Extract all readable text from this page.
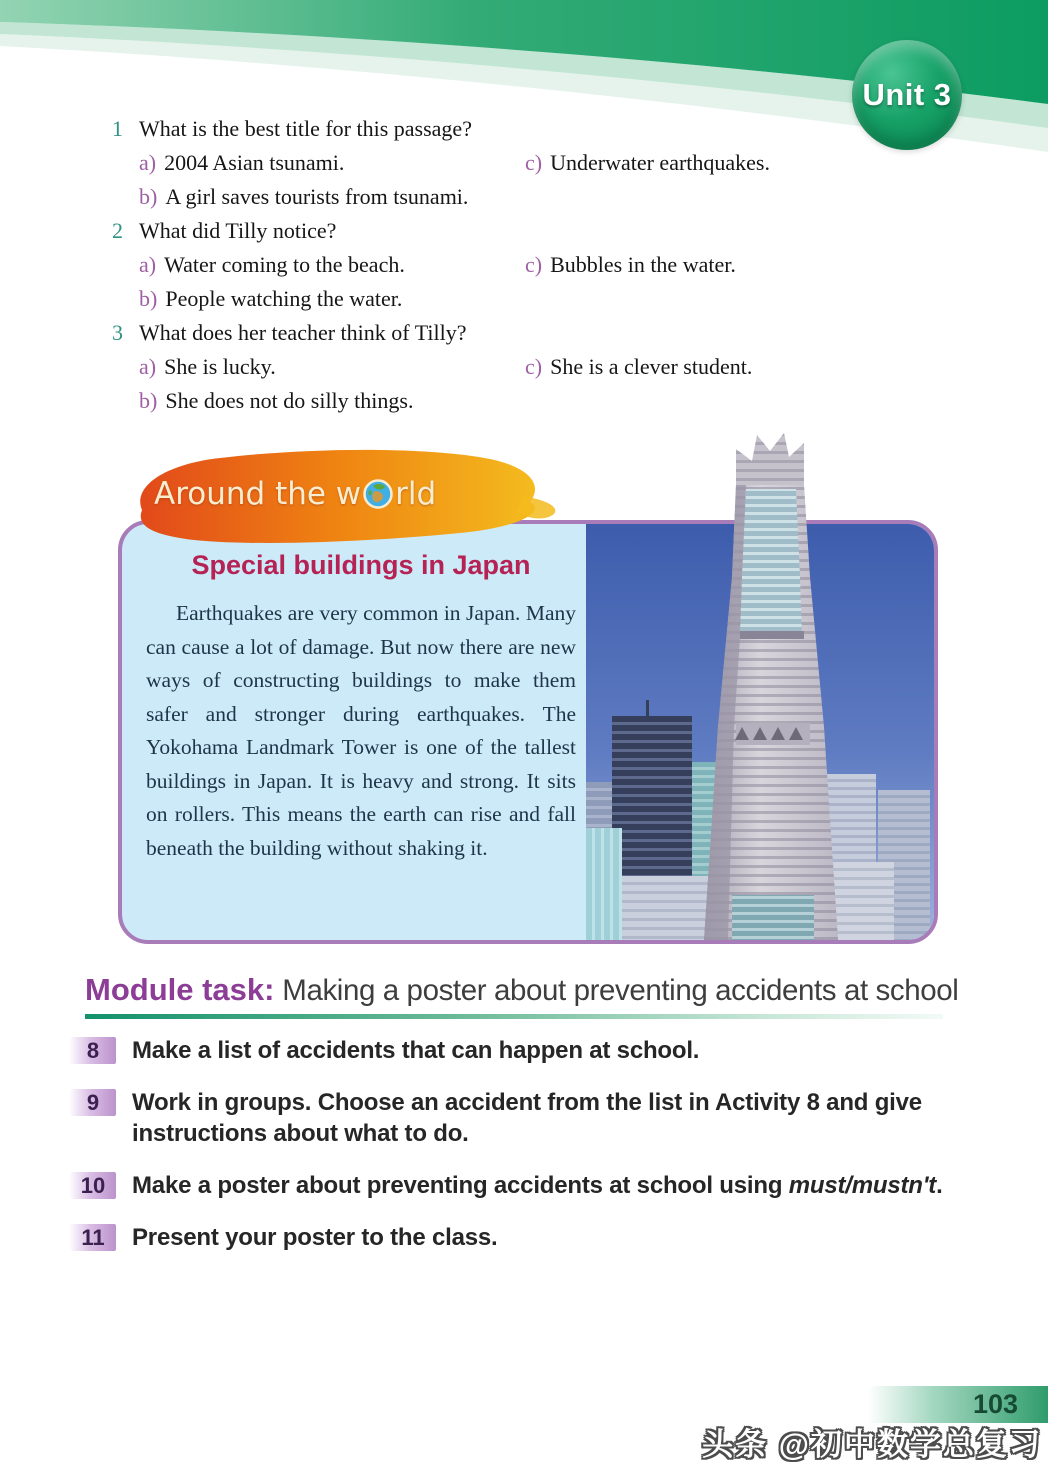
Unit 3
1 What is the best title for this passage?
a) 2004 Asian tsunami.	c) Underwater earthquakes.
b) A girl saves tourists from tsunami.
2 What did Tilly notice?
a) Water coming to the beach.	c) Bubbles in the water.
b) People watching the water.
3 What does her teacher think of Tilly?
a) She is lucky.	c) She is a clever student.
b) She does not do silly things.
Special buildings in Japan

Earthquakes are very common in Japan. Many can cause a lot of damage. But now there are new ways of constructing buildings to make them safer and stronger during earthquakes. The Yokohama Landmark Tower is one of the tallest buildings in Japan. It is heavy and strong. It sits on rollers. This means the earth can rise and fall beneath the building without shaking it.

Around the w rld
Module task: Making a poster about preventing accidents at school
8	Make a list of accidents that can happen at school.
9	Work in groups. Choose an accident from the list in Activity 8 and give instructions about what to do.
10	Make a poster about preventing accidents at school using must/mustn't.
11	Present your poster to the class.
103
头条 @初中数学总复习
